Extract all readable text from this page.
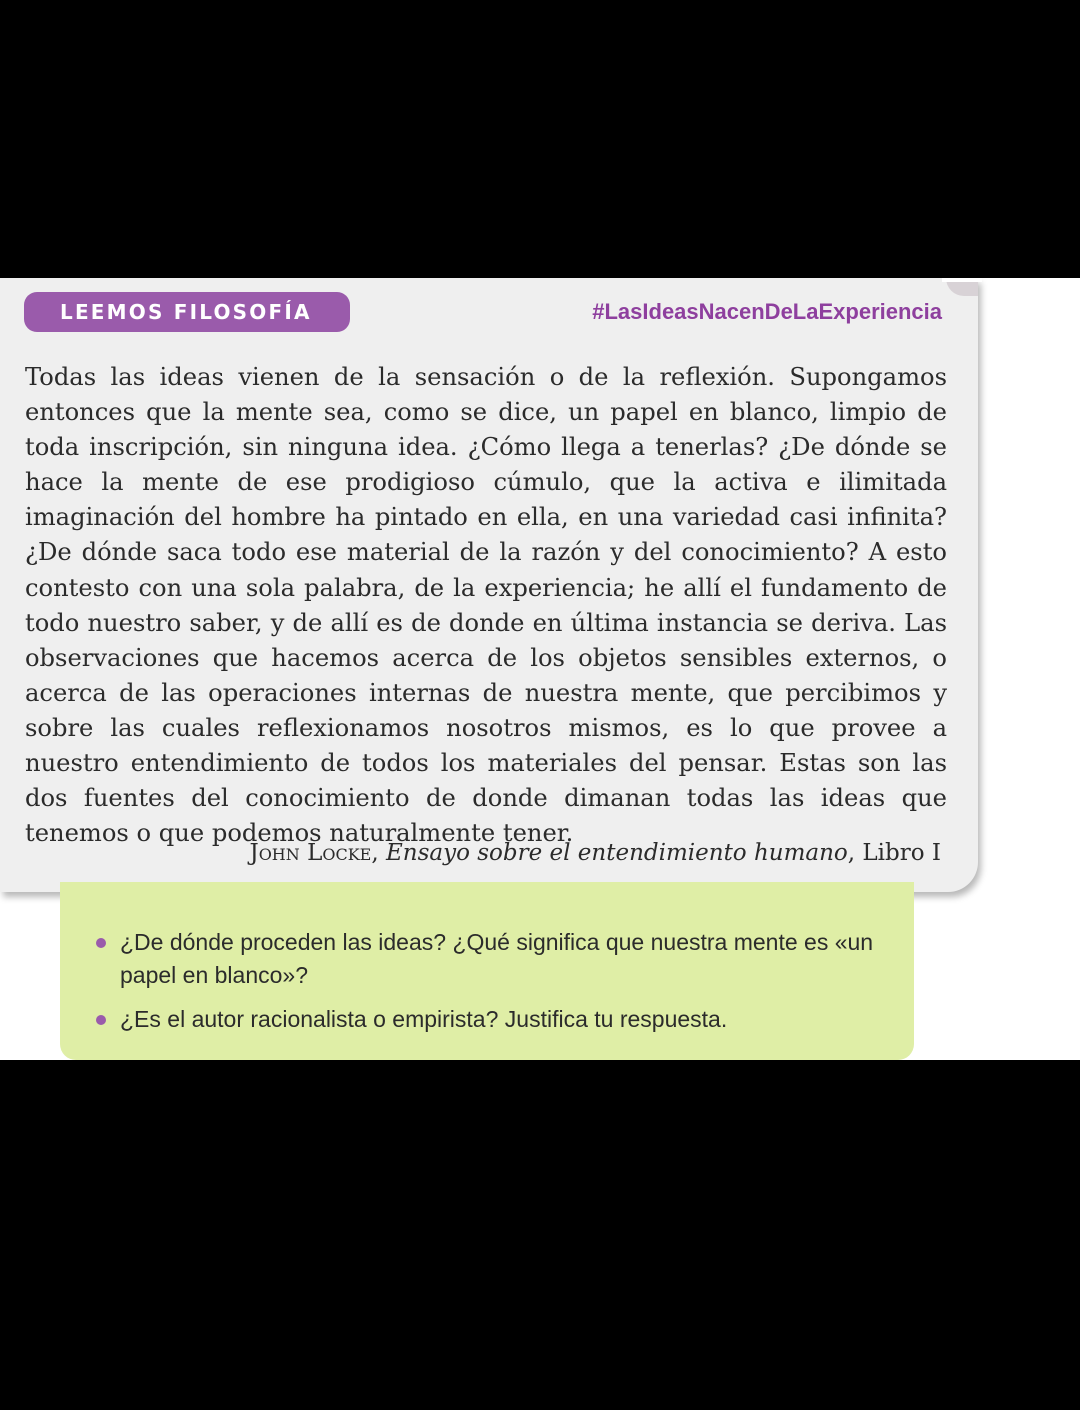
LEEMOS FILOSOFÍA	#LasIdeasNacenDeLaExperiencia

Todas las ideas vienen de la sensación o de la reflexión. Supongamos entonces que la mente sea, como se dice, un papel en blanco, limpio de toda inscripción, sin ninguna idea. ¿Cómo llega a tenerlas? ¿De dónde se hace la mente de ese prodigioso cúmulo, que la activa e ilimitada imaginación del hombre ha pintado en ella, en una variedad casi infinita? ¿De dónde saca todo ese material de la razón y del conocimiento? A esto contesto con una sola palabra, de la experiencia; he allí el fundamento de todo nuestro saber, y de allí es de donde en última instancia se deriva. Las observaciones que hacemos acerca de los objetos sensibles externos, o acerca de las operaciones internas de nuestra mente, que percibimos y sobre las cuales reflexionamos nosotros mismos, es lo que provee a nuestro entendimiento de todos los materiales del pensar. Estas son las dos fuentes del conocimiento de donde dimanan todas las ideas que tenemos o que podemos naturalmente tener.

John Locke, Ensayo sobre el entendimiento humano, Libro I
¿De dónde proceden las ideas? ¿Qué significa que nuestra mente es «un papel en blanco»?
¿Es el autor racionalista o empirista? Justifica tu respuesta.
